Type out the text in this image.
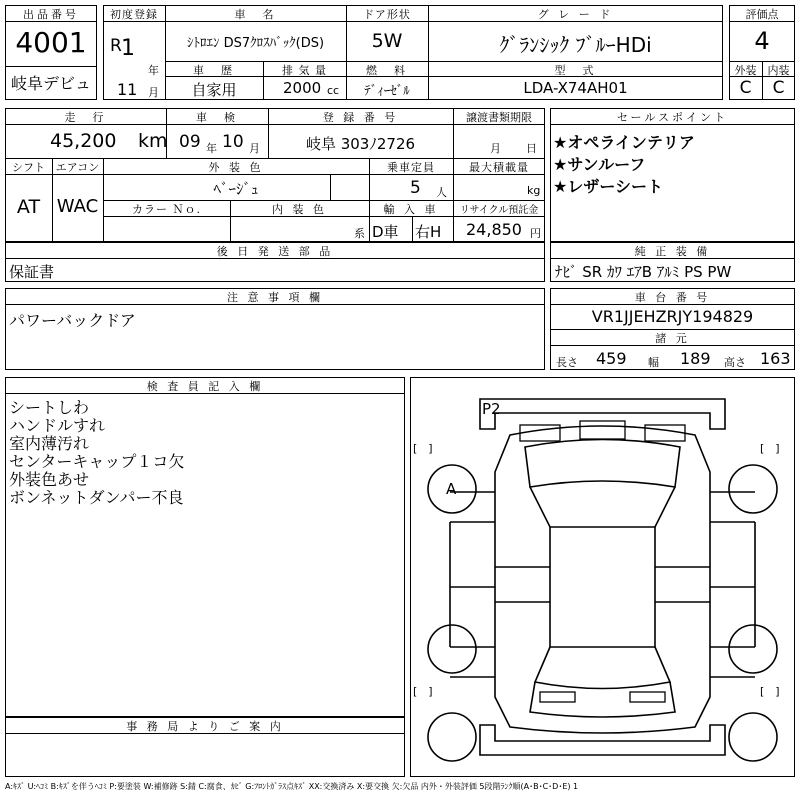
出品番号
4001
岐阜デビュ
初度登録
R 1
年
11 月
車　名
ｼﾄﾛｴﾝ DS7ｸﾛｽﾊﾞｯｸ(DS)
ドア形状
5W
グ レ ー ド
ｸﾞﾗﾝｼｯｸ ﾌﾞﾙｰHDi
車　歴
自家用
排 気 量
2000 cc
燃　料
ﾃﾞｨｰｾﾞﾙ
型　式
LDA-X74AH01
評価点
4
外装	内装
C	C
走　行
45,200 km
車　検
09 年 10 月
登 録 番 号
岐阜 303ﾉ2726
譲渡書類期限
月 日
シフト
AT
エアコン
WAC
外 装 色
ﾍﾞｰｼﾞｭ
カラー Ｎｏ.	内 装 色
系
乗車定員
5 人
最大積載量
kg
輸 入 車
D車 右H
リサイクル預託金
24,850 円
セールスポイント
★オペラインテリア
★サンルーフ
★レザーシート
後 日 発 送 部 品
保証書
純 正 装 備
ﾅﾋﾞ SR ｶﾜ ｴｱB ｱﾙﾐ PS PW
注 意 事 項 欄
パワーバックドア
車 台 番 号
VR1JJEHZRJY194829
諸 元
長さ 459 幅 189 高さ 163
検 査 員 記 入 欄
シートしわ
ハンドルすれ
室内薄汚れ
センターキャップ１コ欠
外装色あせ
ボンネットダンパー不良
事 務 局 よ り ご 案 内
P2
A
[　]	[　]
[　]	[　]
A:ｷｽﾞ U:ﾍｺﾐ B:ｷｽﾞを伴うﾍｺﾐ P:要塗装 W:補修跡 S:錆 C:腐食、ｶﾋﾞ G:ﾌﾛﾝﾄｶﾞﾗｽ点ｷｽﾞ XX:交換済み X:要交換 欠:欠品 内外・外装評価 5段階ﾗﾝｸ順(A･B･C･D･E) 1
